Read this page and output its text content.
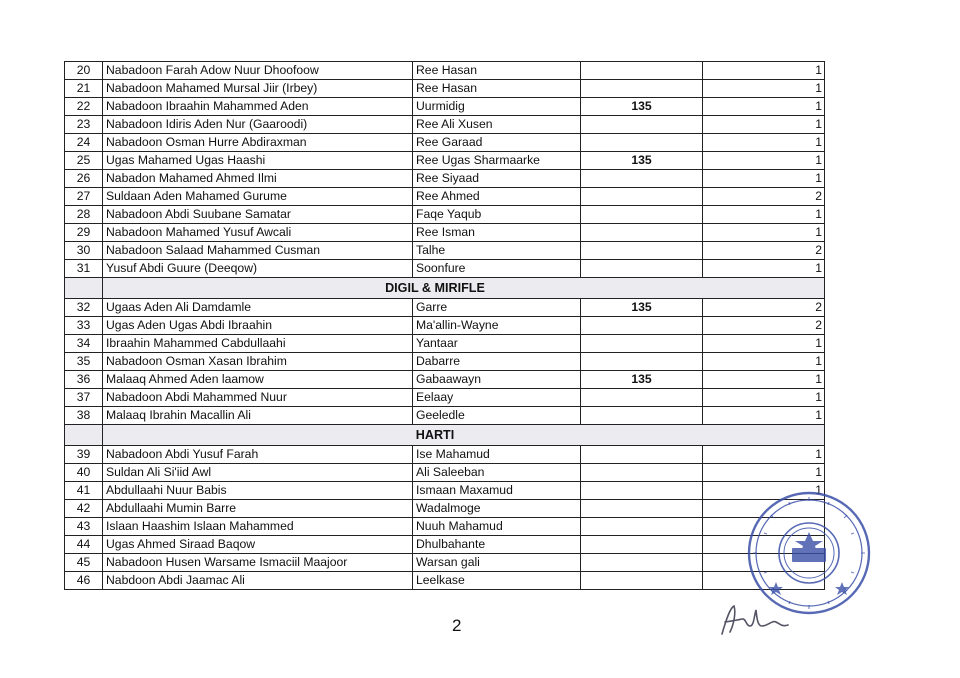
20	Nabadoon Farah Adow Nuur Dhoofoow	Ree Hasan		1
21	Nabadoon Mahamed Mursal Jiir (Irbey)	Ree Hasan		1
22	Nabadoon Ibraahin Mahammed Aden	Uurmidig	135	1
23	Nabadoon Idiris Aden Nur (Gaaroodi)	Ree Ali Xusen		1
24	Nabadoon Osman Hurre Abdiraxman	Ree Garaad		1
25	Ugas Mahamed Ugas Haashi	Ree Ugas Sharmaarke	135	1
26	Nabadon Mahamed Ahmed Ilmi	Ree Siyaad		1
27	Suldaan Aden Mahamed Gurume	Ree Ahmed		2
28	Nabadoon Abdi Suubane Samatar	Faqe Yaqub		1
29	Nabadoon Mahamed Yusuf Awcali	Ree Isman		1
30	Nabadoon Salaad Mahammed Cusman	Talhe		2
31	Yusuf Abdi Guure (Deeqow)	Soonfure		1
	DIGIL & MIRIFLE			
32	Ugaas Aden Ali Damdamle	Garre	135	2
33	Ugas Aden Ugas Abdi Ibraahin	Ma'allin-Wayne		2
34	Ibraahin Mahammed Cabdullaahi	Yantaar		1
35	Nabadoon Osman Xasan Ibrahim	Dabarre		1
36	Malaaq Ahmed Aden laamow	Gabaawayn	135	1
37	Nabadoon Abdi Mahammed Nuur	Eelaay		1
38	Malaaq Ibrahin Macallin Ali	Geeledle		1
	HARTI			
39	Nabadoon Abdi Yusuf Farah	Ise Mahamud		1
40	Suldan Ali Si'iid Awl	Ali Saleeban		1
41	Abdullaahi Nuur Babis	Ismaan Maxamud		1
42	Abdullaahi Mumin Barre	Wadalmoge		
43	Islaan Haashim Islaan Mahammed	Nuuh Mahamud		
44	Ugas Ahmed Siraad Baqow	Dhulbahante		
45	Nabadoon Husen Warsame Ismaciil Maajoor	Warsan gali		
46	Nabdoon Abdi Jaamac Ali	Leelkase		
2
